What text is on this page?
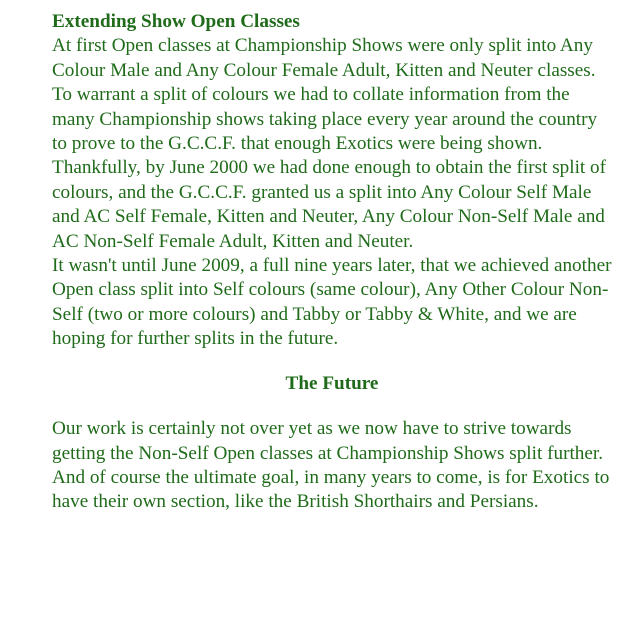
Extending Show Open Classes

At first Open classes at Championship Shows were only split into Any Colour Male and Any Colour Female Adult, Kitten and Neuter classes.

To warrant a split of colours we had to collate information from the many Championship shows taking place every year around the country to prove to the G.C.C.F. that enough Exotics were being shown.

Thankfully, by June 2000 we had done enough to obtain the first split of colours, and the G.C.C.F. granted us a split into Any Colour Self Male and AC Self Female, Kitten and Neuter, Any Colour Non-Self Male and AC Non-Self Female Adult, Kitten and Neuter.

It wasn't until June 2009, a full nine years later, that we achieved another Open class split into Self colours (same colour), Any Other Colour Non-Self (two or more colours) and Tabby or Tabby & White, and we are hoping for further splits in the future.

The Future

Our work is certainly not over yet as we now have to strive towards getting the Non-Self Open classes at Championship Shows split further.

And of course the ultimate goal, in many years to come, is for Exotics to have their own section, like the British Shorthairs and Persians.
